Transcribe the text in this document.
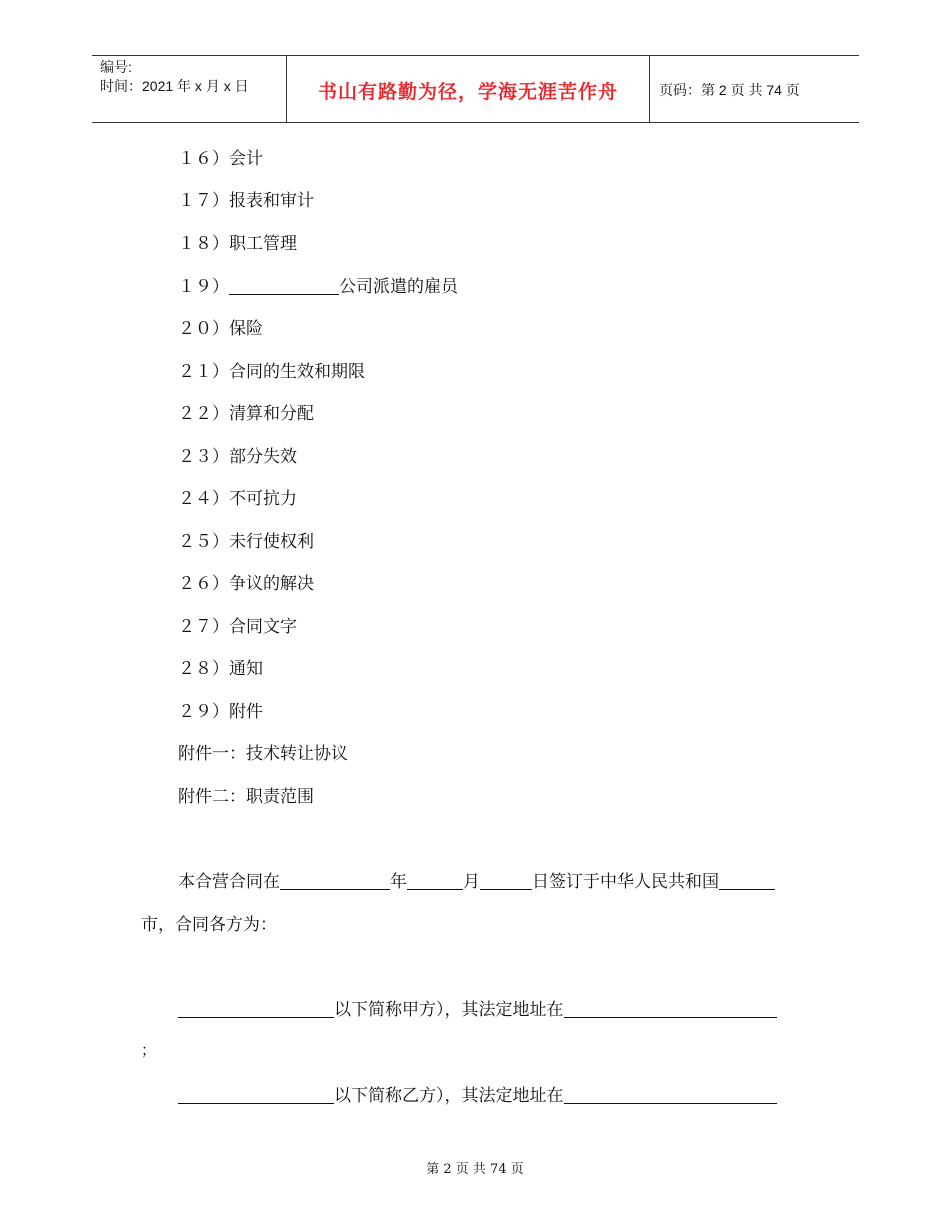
编号:
时间：2021 年 x 月 x 日	书山有路勤为径，学海无涯苦作舟	页码：第 2 页 共 74 页
１６）会计
１７）报表和审计
１８）职工管理
１９）	公司派遣的雇员
２０）保险
２１）合同的生效和期限
２２）清算和分配
２３）部分失效
２４）不可抗力
２５）未行使权利
２６）争议的解决
２７）合同文字
２８）通知
２９）附件
附件一：技术转让协议
附件二：职责范围
本合营合同在	年	月	日签订于中华人民共和国
市，合同各方为：
以下简称甲方），其法定地址在
；
以下简称乙方），其法定地址在
第 2 页 共 74 页
